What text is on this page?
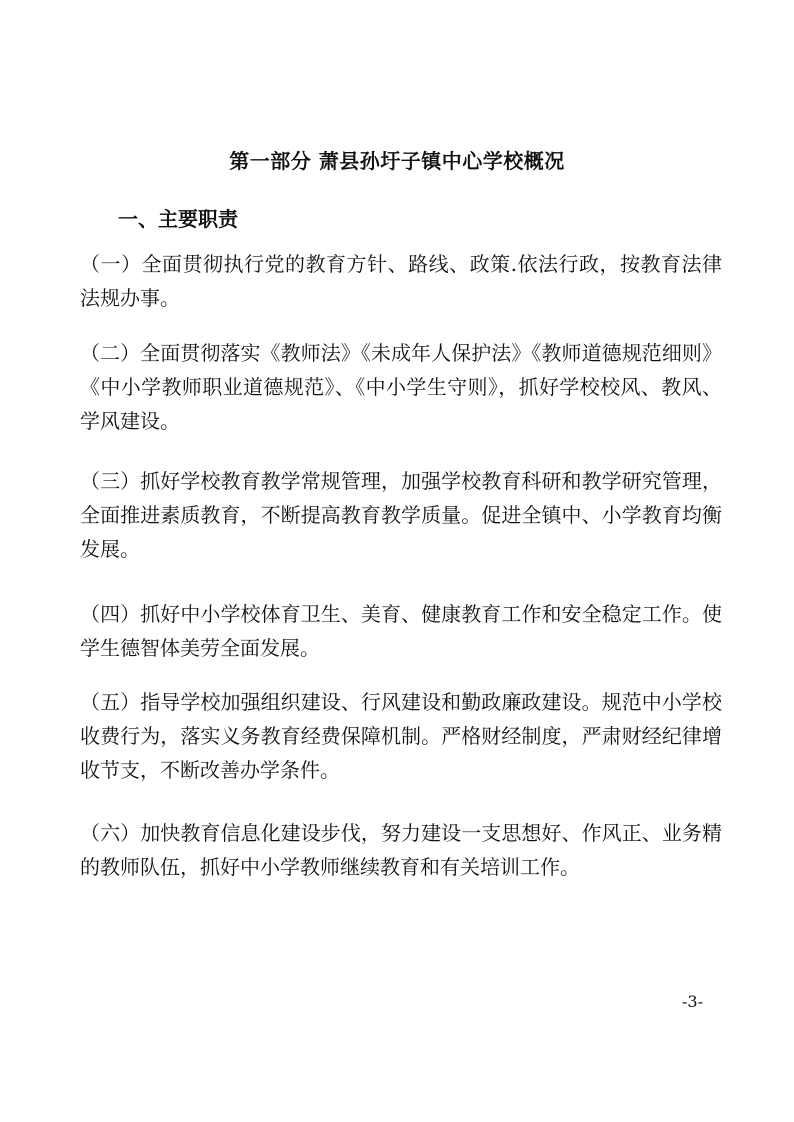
第一部分 萧县孙圩子镇中心学校概况
一、主要职责

（一）全面贯彻执行党的教育方针、路线、政策.依法行政，按教育法律法规办事。

（二）全面贯彻落实《教师法》《未成年人保护法》《教师道德规范细则》《中小学教师职业道德规范》、《中小学生守则》，抓好学校校风、教风、学风建设。

（三）抓好学校教育教学常规管理，加强学校教育科研和教学研究管理，全面推进素质教育，不断提高教育教学质量。促进全镇中、小学教育均衡发展。

（四）抓好中小学校体育卫生、美育、健康教育工作和安全稳定工作。使学生德智体美劳全面发展。

（五）指导学校加强组织建设、行风建设和勤政廉政建设。规范中小学校收费行为，落实义务教育经费保障机制。严格财经制度，严肃财经纪律增收节支，不断改善办学条件。

（六）加快教育信息化建设步伐，努力建设一支思想好、作风正、业务精的教师队伍，抓好中小学教师继续教育和有关培训工作。

-3-
